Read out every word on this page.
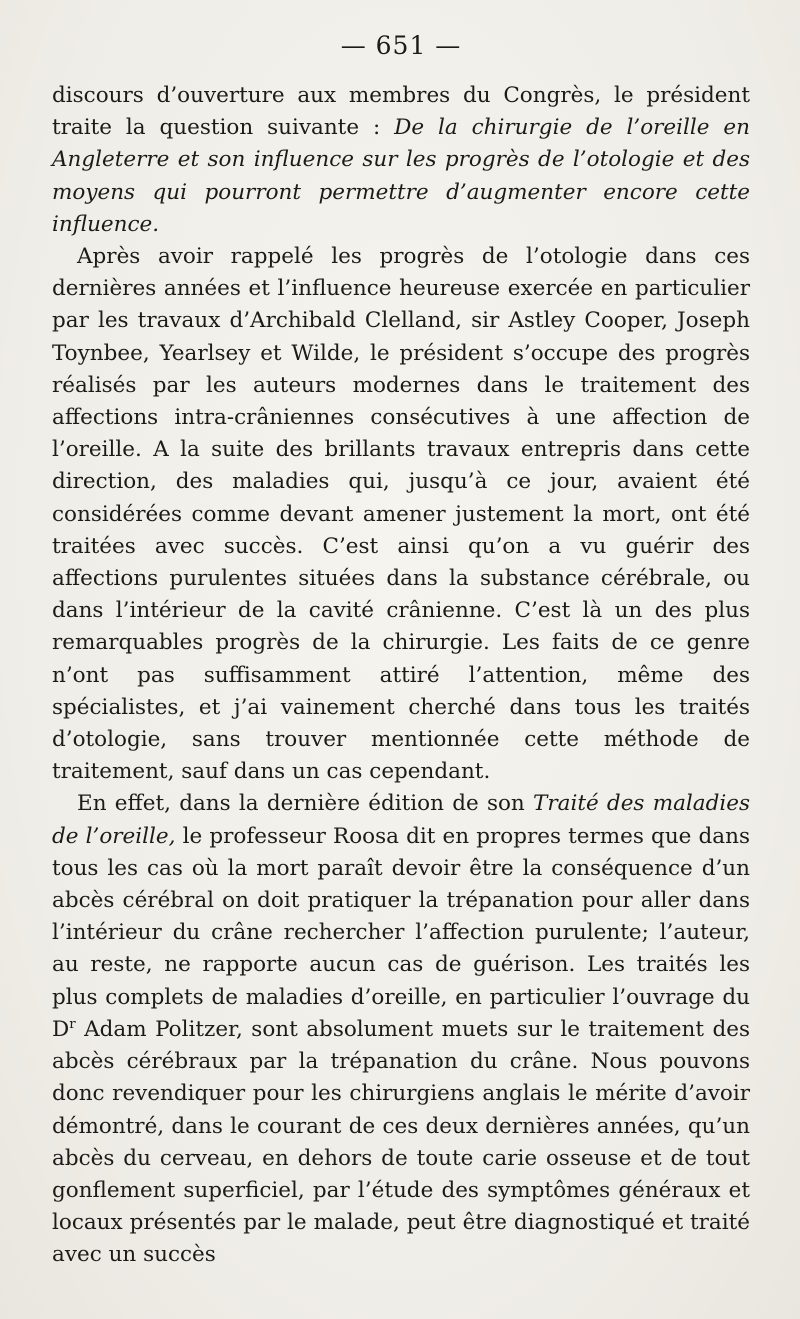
— 651 —

discours d’ouverture aux membres du Congrès, le président traite la question suivante : De la chirurgie de l’oreille en Angleterre et son influence sur les progrès de l’otologie et des moyens qui pourront permettre d’augmenter encore cette influence.

Après avoir rappelé les progrès de l’otologie dans ces dernières années et l’influence heureuse exercée en particulier par les travaux d’Archibald Clelland, sir Astley Cooper, Joseph Toynbee, Yearlsey et Wilde, le président s’occupe des progrès réalisés par les auteurs modernes dans le traitement des affections intra-crâniennes consécutives à une affection de l’oreille. A la suite des brillants travaux entrepris dans cette direction, des maladies qui, jusqu’à ce jour, avaient été considérées comme devant amener justement la mort, ont été traitées avec succès. C’est ainsi qu’on a vu guérir des affections purulentes situées dans la substance cérébrale, ou dans l’intérieur de la cavité crânienne. C’est là un des plus remarquables progrès de la chirurgie. Les faits de ce genre n’ont pas suffisamment attiré l’attention, même des spécialistes, et j’ai vainement cherché dans tous les traités d’otologie, sans trouver mentionnée cette méthode de traitement, sauf dans un cas cependant.

En effet, dans la dernière édition de son Traité des maladies de l’oreille, le professeur Roosa dit en propres termes que dans tous les cas où la mort paraît devoir être la conséquence d’un abcès cérébral on doit pratiquer la trépanation pour aller dans l’intérieur du crâne rechercher l’affection purulente; l’auteur, au reste, ne rapporte aucun cas de guérison. Les traités les plus complets de maladies d’oreille, en particulier l’ouvrage du $D^r$ Adam Politzer, sont absolument muets sur le traitement des abcès cérébraux par la trépanation du crâne. Nous pouvons donc revendiquer pour les chirurgiens anglais le mérite d’avoir démontré, dans le courant de ces deux dernières années, qu’un abcès du cerveau, en dehors de toute carie osseuse et de tout gonflement superficiel, par l’étude des symptômes généraux et locaux présentés par le malade, peut être diagnostiqué et traité avec un succès
